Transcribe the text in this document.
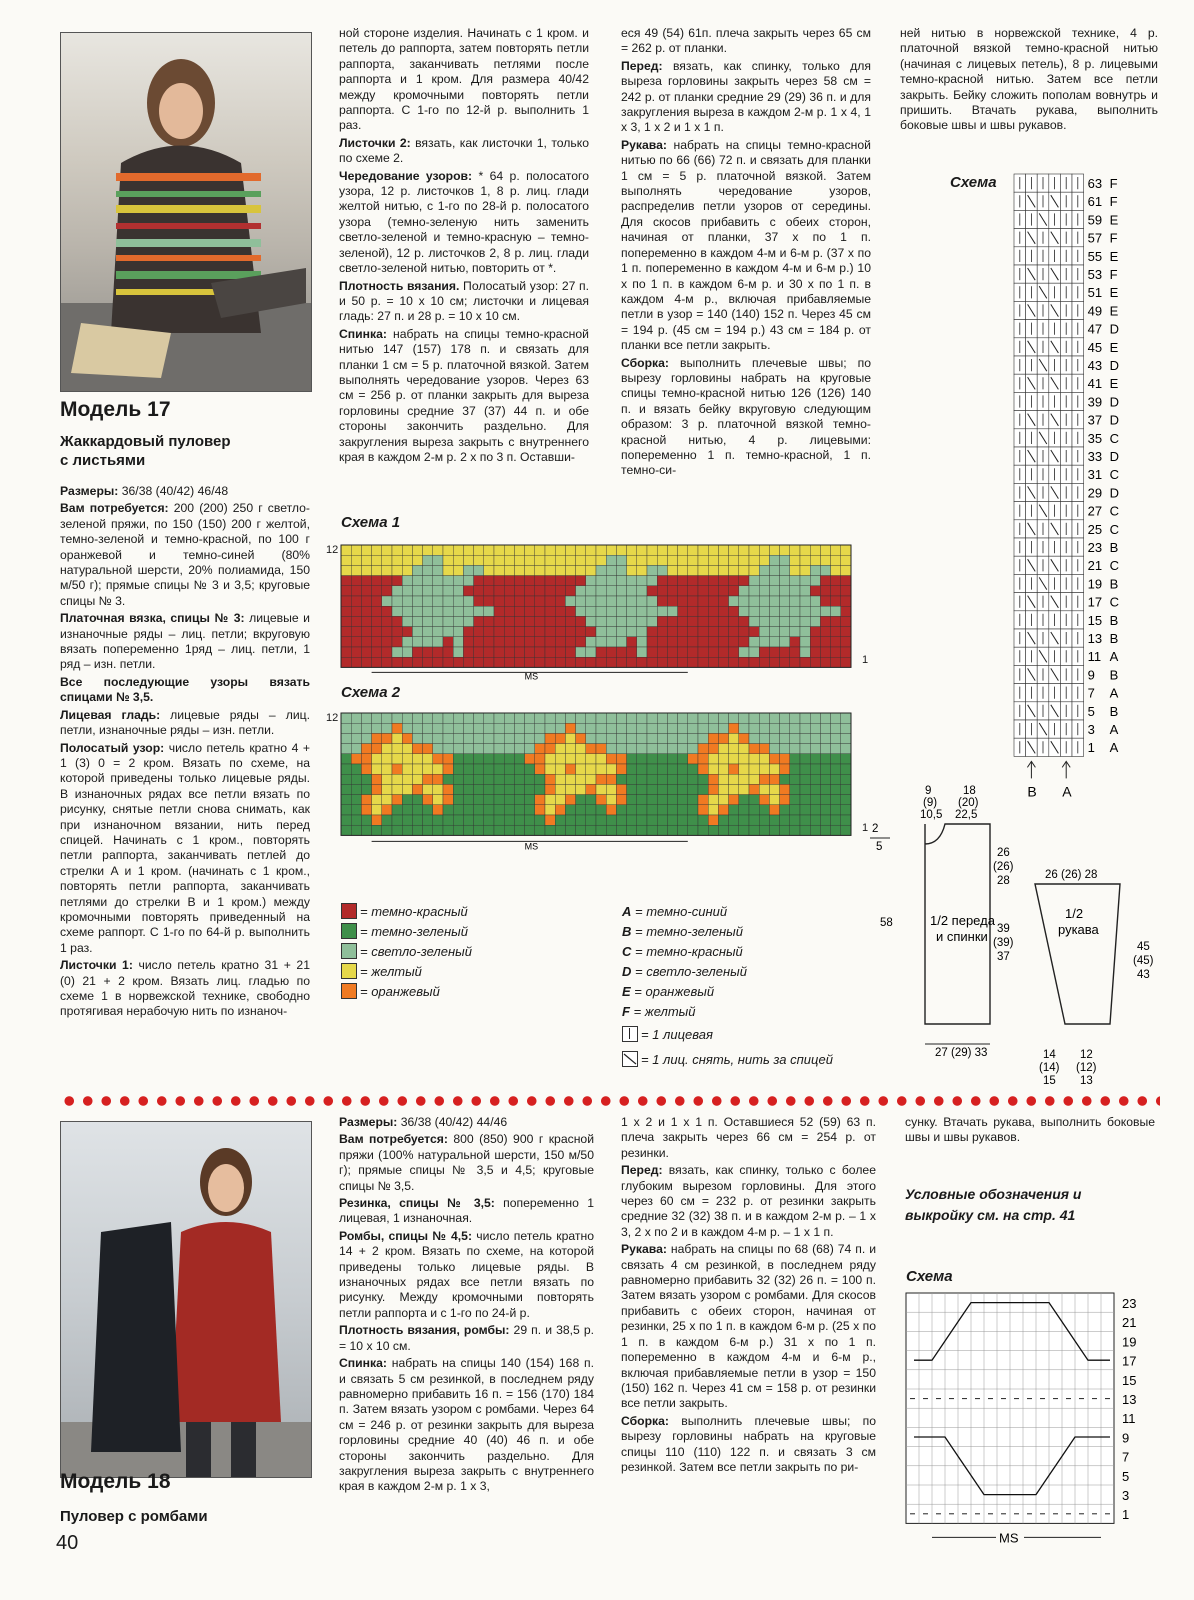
Модель 17
Жаккардовый пуловер
с листьями

Размеры: 36/38 (40/42) 46/48

Вам потребуется: 200 (200) 250 г светло-зеленой пряжи, по 150 (150) 200 г желтой, темно-зеленой и темно-красной, по 100 г оранжевой и темно-синей (80% натуральной шерсти, 20% полиамида, 150 м/50 г); прямые спицы № 3 и 3,5; круговые спицы № 3.

Платочная вязка, спицы № 3: лицевые и изнаночные ряды – лиц. петли; вкруговую вязать попеременно 1ряд – лиц. петли, 1 ряд – изн. петли.

Все последующие узоры вязать спицами № 3,5.

Лицевая гладь: лицевые ряды – лиц. петли, изнаночные ряды – изн. петли.

Полосатый узор: число петель кратно 4 + 1 (3) 0 = 2 кром. Вязать по схеме, на которой приведены только лицевые ряды. В изнаночных рядах все петли вязать по рисунку, снятые петли снова снимать, как при изнаночном вязании, нить перед спицей. Начинать с 1 кром., повторять петли раппорта, заканчивать петлей до стрелки A и 1 кром. (начинать с 1 кром., повторять петли раппорта, заканчивать петлями до стрелки B и 1 кром.) между кромочными повторять приведенный на схеме раппорт. С 1-го по 64-й р. выполнить 1 раз.

Листочки 1: число петель кратно 31 + 21 (0) 21 + 2 кром. Вязать лиц. гладью по схеме 1 в норвежской технике, свободно протягивая нерабочую нить по изнаноч-

ной стороне изделия. Начинать с 1 кром. и петель до раппорта, затем повторять петли раппорта, заканчивать петлями после раппорта и 1 кром. Для размера 40/42 между кромочными повторять петли раппорта. С 1-го по 12-й р. выполнить 1 раз.

Листочки 2: вязать, как листочки 1, только по схеме 2.

Чередование узоров: * 64 р. полосатого узора, 12 р. листочков 1, 8 р. лиц. глади желтой нитью, с 1-го по 28-й р. полосатого узора (темно-зеленую нить заменить светло-зеленой и темно-красную – темно-зеленой), 12 р. листочков 2, 8 р. лиц. глади светло-зеленой нитью, повторить от *.

Плотность вязания. Полосатый узор: 27 п. и 50 р. = 10 x 10 см; листочки и лицевая гладь: 27 п. и 28 р. = 10 x 10 см.

Спинка: набрать на спицы темно-красной нитью 147 (157) 178 п. и связать для планки 1 см = 5 р. платочной вязкой. Затем выполнять чередование узоров. Через 63 см = 256 р. от планки закрыть для выреза горловины средние 37 (37) 44 п. и обе стороны закончить раздельно. Для закругления выреза закрыть с внутреннего края в каждом 2-м р. 2 x по 3 п. Оставши-

еся 49 (54) 61п. плеча закрыть через 65 см = 262 р. от планки.

Перед: вязать, как спинку, только для выреза горловины закрыть через 58 см = 242 р. от планки средние 29 (29) 36 п. и для закругления выреза в каждом 2-м р. 1 x 4, 1 x 3, 1 x 2 и 1 x 1 п.

Рукава: набрать на спицы темно-красной нитью по 66 (66) 72 п. и связать для планки 1 см = 5 р. платочной вязкой. Затем выполнять чередование узоров, распределив петли узоров от середины. Для скосов прибавить с обеих сторон, начиная от планки, 37 x по 1 п. попеременно в каждом 4-м и 6-м р. (37 x по 1 п. попеременно в каждом 4-м и 6-м р.) 10 x по 1 п. в каждом 6-м р. и 30 x по 1 п. в каждом 4-м р., включая прибавляемые петли в узор = 140 (140) 152 п. Через 45 см = 194 р. (45 см = 194 р.) 43 см = 184 р. от планки все петли закрыть.

Сборка: выполнить плечевые швы; по вырезу горловины набрать на круговые спицы темно-красной нитью 126 (126) 140 п. и вязать бейку вкруговую следующим образом: 3 р. платочной вязкой темно-красной нитью, 4 р. лицевыми: попеременно 1 п. темно-красной, 1 п. темно-си-

ней нитью в норвежской технике, 4 р. платочной вязкой темно-красной нитью (начиная с лицевых петель), 8 р. лицевыми темно-красной нитью. Затем все петли закрыть. Бейку сложить пополам вовнутрь и пришить. Втачать рукава, выполнить боковые швы и швы рукавов.

Схема 1
12
1
MS
Схема 2
12
1
MS
= темно-красный
= темно-зеленый
= светло-зеленый
= желтый
= оранжевый
A = темно-синий
B = темно-зеленый
C = темно-красный
D = светло-зеленый
E = оранжевый
F = желтый
= 1 лицевая
= 1 лиц. снять, нить за спицей
Схема	63 F
61 F
59 E
57 F
55 E
53 F
51 E
49 E
47 D
45 E
43 D
41 E
39 D
37 D
35 C
33 D
31 C
29 D
27 C
25 C
23 B
21 C
19 B
17 C
15 B
13 B
11 A
9 B
7 A
5 B
3 A
1 A
B A
9
(9)
10,5
18
(20)
22,5
2
5	26
(26)
28
39
(39)
37
58	1/2 переда
и спинки
27 (29) 33
26 (26) 28
1/2
рукава
45
(45)
43
14
(14)
15
12
(12)
13
Модель 18
Пуловер с ромбами

Размеры: 36/38 (40/42) 44/46

Вам потребуется: 800 (850) 900 г красной пряжи (100% натуральной шерсти, 150 м/50 г); прямые спицы № 3,5 и 4,5; круговые спицы № 3,5.

Резинка, спицы № 3,5: попеременно 1 лицевая, 1 изнаночная.

Ромбы, спицы № 4,5: число петель кратно 14 + 2 кром. Вязать по схеме, на которой приведены только лицевые ряды. В изнаночных рядах все петли вязать по рисунку. Между кромочными повторять петли раппорта и с 1-го по 24-й р.

Плотность вязания, ромбы: 29 п. и 38,5 р. = 10 x 10 см.

Спинка: набрать на спицы 140 (154) 168 п. и связать 5 см резинкой, в последнем ряду равномерно прибавить 16 п. = 156 (170) 184 п. Затем вязать узором с ромбами. Через 64 см = 246 р. от резинки закрыть для выреза горловины средние 40 (40) 46 п. и обе стороны закончить раздельно. Для закругления выреза закрыть с внутреннего края в каждом 2-м р. 1 x 3,

1 x 2 и 1 x 1 п. Оставшиеся 52 (59) 63 п. плеча закрыть через 66 см = 254 р. от резинки.

Перед: вязать, как спинку, только с более глубоким вырезом горловины. Для этого через 60 см = 232 р. от резинки закрыть средние 32 (32) 38 п. и в каждом 2-м р. – 1 x 3, 2 x по 2 и в каждом 4-м р. – 1 x 1 п.

Рукава: набрать на спицы по 68 (68) 74 п. и связать 4 см резинкой, в последнем ряду равномерно прибавить 32 (32) 26 п. = 100 п. Затем вязать узором с ромбами. Для скосов прибавить с обеих сторон, начиная от резинки, 25 x по 1 п. в каждом 6-м р. (25 x по 1 п. в каждом 6-м р.) 31 x по 1 п. попеременно в каждом 4-м и 6-м р., включая прибавляемые петли в узор = 150 (150) 162 п. Через 41 см = 158 р. от резинки все петли закрыть.

Сборка: выполнить плечевые швы; по вырезу горловины набрать на круговые спицы 110 (110) 122 п. и связать 3 см резинкой. Затем все петли закрыть по ри-

сунку. Втачать рукава, выполнить боковые швы и швы рукавов.

Условные обозначения и выкройку см. на стр. 41
Схема
23
21
19
17
15
13
11
9
7
5
3
1
MS
40
